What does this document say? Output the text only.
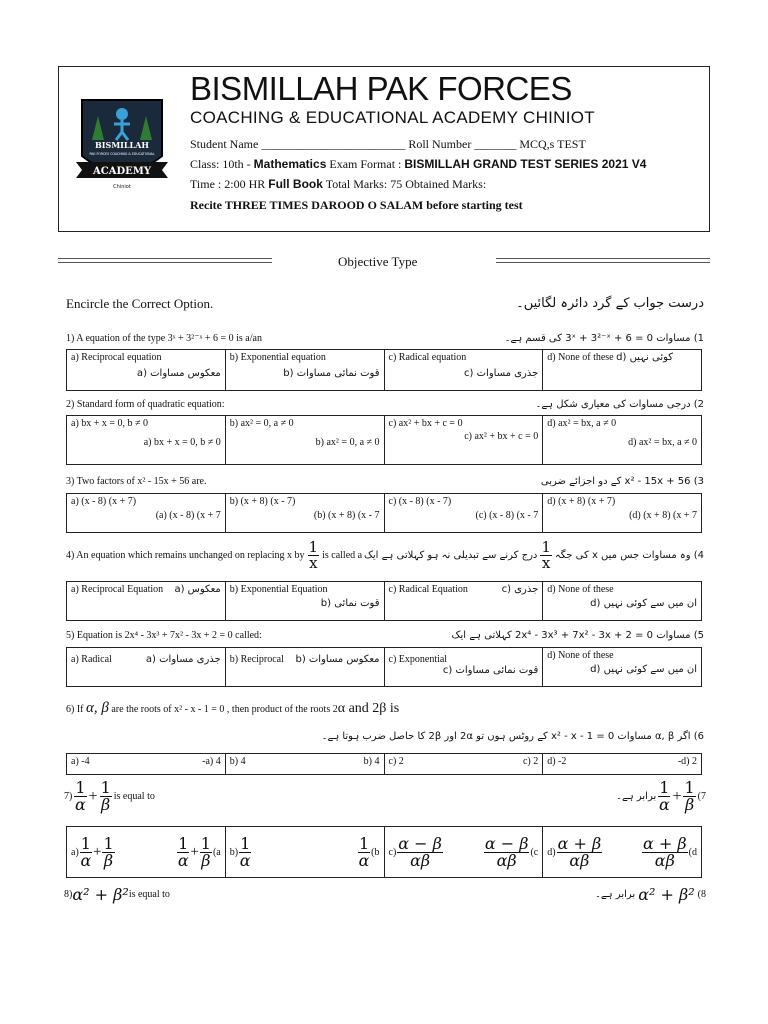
BISMILLAH
PAK FORCES COACHING & EDUCATIONAL
ACADEMY
Chiniot
BISMILLAH PAK FORCES
COACHING & EDUCATIONAL ACADEMY CHINIOT
Student Name ________________________ Roll Number _______ MCQ,s TEST
Class: 10th - Mathematics Exam Format : BISMILLAH GRAND TEST SERIES 2021 V4
Time : 2:00 HR Full Book Total Marks: 75 Obtained Marks:
Recite THREE TIMES DAROOD O SALAM before starting test
Objective Type
Encircle the Correct Option.	درست جواب کے گرد دائرہ لگائیں۔
1) A equation of the type 3ˣ + 3²⁻ˣ + 6 = 0 is a/an	1) مساوات 3ˣ + 3²⁻ˣ + 6 = 0 کی قسم ہے۔
a) Reciprocal equation
معکوس مساوات (a

b) Exponential equation
قوت نمائی مساوات (b

c) Radical equation
جذری مساوات (c

d) None of these کوئی نہیں (d
2) Standard form of quadratic equation:	2) درجی مساوات کی معیاری شکل ہے۔
a) bx + x = 0, b ≠ 0
a) bx + x = 0, b ≠ 0

b) ax² = 0, a ≠ 0
b) ax² = 0, a ≠ 0

c) ax² + bx + c = 0
c) ax² + bx + c = 0

d) ax² = bx, a ≠ 0
d) ax² = bx, a ≠ 0
3) Two factors of x² - 15x + 56 are.	3) x² - 15x + 56 کے دو اجزائے ضربی
a) (x - 8) (x + 7)
(a) (x - 8) (x + 7

b) (x + 8) (x - 7)
(b) (x + 8) (x - 7

c) (x - 8) (x - 7)
(c) (x - 8) (x - 7

d) (x + 8) (x + 7)
(d) (x + 8) (x + 7
4) An equation which remains unchanged on replacing x by $\frac{1}{x}$ is called a	4) وہ مساوات جس میں x کی جگہ
$\frac{1}{x}$
درج کرنے سے تبدیلی نہ ہو کہلاتی ہے ایک
a) Reciprocal Equation معکوس (a	b) Exponential Equation
قوت نمائی (b

c) Radical Equation	جذری (c	d) None of these
ان میں سے کوئی نہیں (d
5) Equation is 2x⁴ - 3x³ + 7x² - 3x + 2 = 0 called:	5) مساوات 2x⁴ - 3x³ + 7x² - 3x + 2 = 0 کہلاتی ہے ایک
a) Radical	جذری مساوات (a	b) Reciprocal معکوس مساوات (b	c) Exponential
قوت نمائی مساوات (c

d) None of these
ان میں سے کوئی نہیں (d
6) If α, β are the roots of x² - x - 1 = 0 , then product of the roots 2α and 2β is
6) اگر α, β مساوات x² - x - 1 = 0 کے روٹس ہوں تو 2α اور 2β کا حاصل ضرب ہوتا ہے۔
a) -4	-a) 4	b) 4	b) 4	c) 2	c) 2	d) -2	-d) 2
$7) \frac{1}{\alpha} + \frac{1}{\beta}$ is equal to	برابر ہے۔ $\frac{1}{\alpha} + \frac{1}{\beta} (7$
$a) \frac{1}{\alpha} + \frac{1}{\beta}$	$\frac{1}{\alpha} + \frac{1}{\beta} (a$	$b) \frac{1}{\alpha}$	$\frac{1}{\alpha} (b$	$c) \frac{\alpha - \beta}{\alpha\beta}$	$\frac{\alpha - \beta}{\alpha\beta} (c$	$d) \frac{\alpha + \beta}{\alpha\beta} \frac{\alpha + \beta}{\alpha\beta} (d$
8) α² + β² is equal to	برابر ہے۔ α² + β² (8
